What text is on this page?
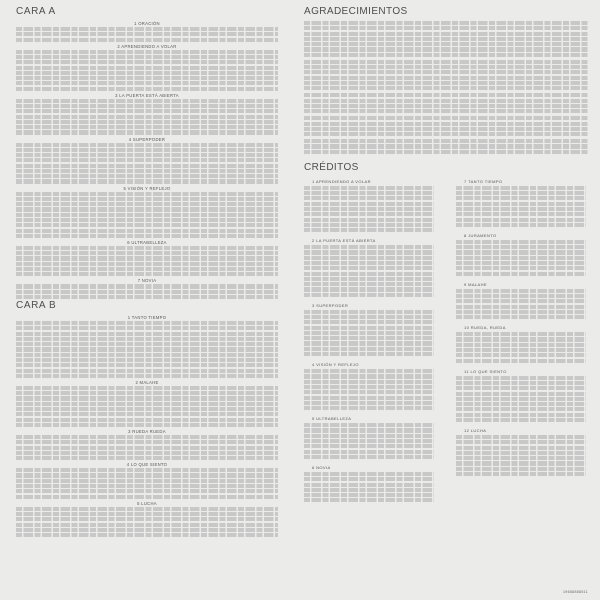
CARA A
1 ORACIÓN
2 APRENDIENDO A VOLAR
3 LA PUERTA ESTÁ ABIERTA
4 SUPERPODER
5 VISIÓN Y REFLEJO
6 ULTRABELLEZA
7 NOVIA
CARA B
1 TANTO TIEMPO
2 MALAHE
3 RUEDA RUEDA
4 LO QUE SIENTO
5 LUCHA
AGRADECIMIENTOS
CRÉDITOS
1 APRENDIENDO A VOLAR
2 LA PUERTA ESTÁ ABIERTA
3 SUPERPODER
4 VISIÓN Y REFLEJO
5 ULTRABELLEZA
6 NOVIA
7 TANTO TIEMPO
8 JURAMENTO
9 MALAHE
10 RUEDA, RUEDA
11 LO QUE SIENTO
12 LUCHA
19658858511
